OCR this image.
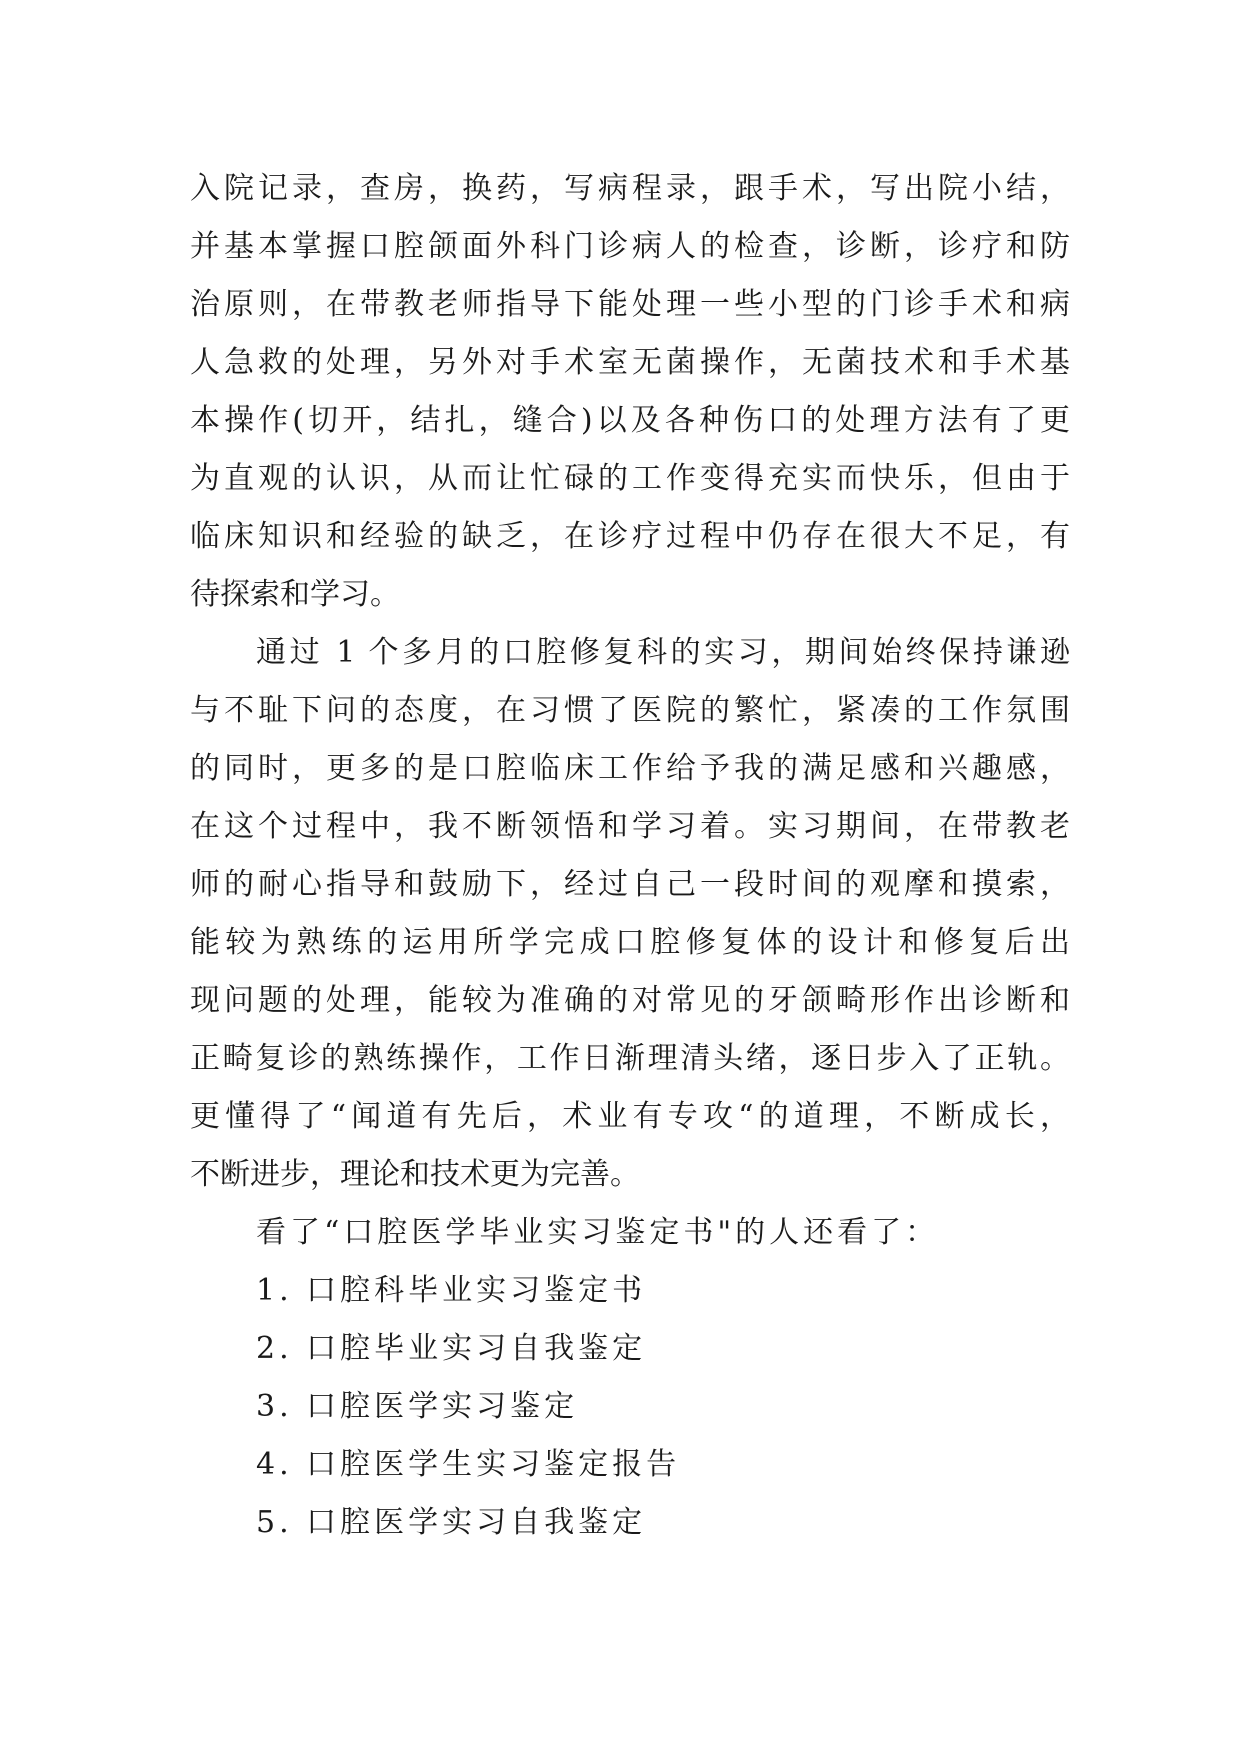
入院记录，查房，换药，写病程录，跟手术，写出院小结，
并基本掌握口腔颌面外科门诊病人的检查，诊断，诊疗和防
治原则，在带教老师指导下能处理一些小型的门诊手术和病
人急救的处理，另外对手术室无菌操作，无菌技术和手术基
本操作(切开，结扎，缝合)以及各种伤口的处理方法有了更
为直观的认识，从而让忙碌的工作变得充实而快乐，但由于
临床知识和经验的缺乏，在诊疗过程中仍存在很大不足，有
待探索和学习。
通过 1 个多月的口腔修复科的实习，期间始终保持谦逊
与不耻下问的态度，在习惯了医院的繁忙，紧凑的工作氛围
的同时，更多的是口腔临床工作给予我的满足感和兴趣感，
在这个过程中，我不断领悟和学习着。实习期间，在带教老
师的耐心指导和鼓励下，经过自己一段时间的观摩和摸索，
能较为熟练的运用所学完成口腔修复体的设计和修复后出
现问题的处理，能较为准确的对常见的牙颌畸形作出诊断和
正畸复诊的熟练操作，工作日渐理清头绪，逐日步入了正轨。
更懂得了“闻道有先后，术业有专攻“的道理，不断成长，
不断进步，理论和技术更为完善。
看了“口腔医学毕业实习鉴定书"的人还看了：
1. 口腔科毕业实习鉴定书
2. 口腔毕业实习自我鉴定
3. 口腔医学实习鉴定
4. 口腔医学生实习鉴定报告
5. 口腔医学实习自我鉴定
